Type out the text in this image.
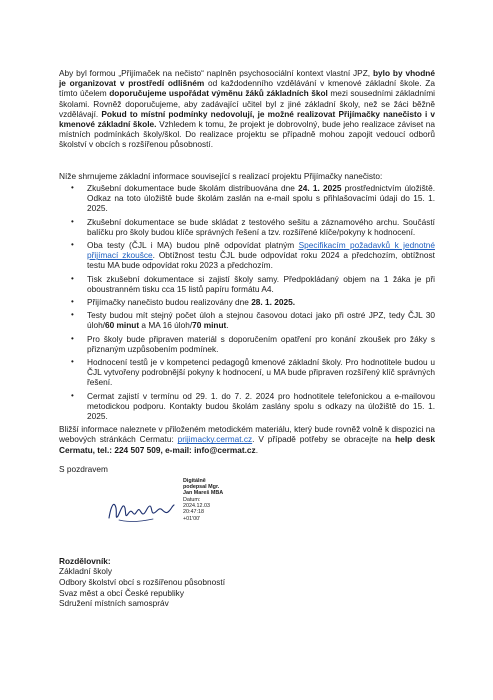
Aby byl formou „Přijímaček na nečisto“ naplněn psychosociální kontext vlastní JPZ, bylo by vhodné je organizovat v prostředí odlišném od každodenního vzdělávání v kmenové základní škole. Za tímto účelem doporučujeme uspořádat výměnu žáků základních škol mezi sousedními základními školami. Rovněž doporučujeme, aby zadávající učitel byl z jiné základní školy, než se žáci běžně vzdělávají. Pokud to místní podmínky nedovolují, je možné realizovat Přijímačky nanečisto i v kmenové základní škole. Vzhledem k tomu, že projekt je dobrovolný, bude jeho realizace záviset na místních podmínkách školy/škol. Do realizace projektu se případně mohou zapojit vedoucí odborů školství v obcích s rozšířenou působností.

Níže shrnujeme základní informace související s realizací projektu Přijímačky nanečisto:

• Zkušební dokumentace bude školám distribuována dne 24. 1. 2025 prostřednictvím úložiště. Odkaz na toto úložiště bude školám zaslán na e-mail spolu s přihlašovacími údaji do 15. 1. 2025.
• Zkušební dokumentace se bude skládat z testového sešitu a záznamového archu. Součástí balíčku pro školy budou klíče správných řešení a tzv. rozšířené klíče/pokyny k hodnocení.
• Oba testy (ČJL i MA) budou plně odpovídat platným Specifikacím požadavků k jednotné přijímací zkoušce. Obtížnost testu ČJL bude odpovídat roku 2024 a předchozím, obtížnost testu MA bude odpovídat roku 2023 a předchozím.
• Tisk zkušební dokumentace si zajistí školy samy. Předpokládaný objem na 1 žáka je při oboustranném tisku cca 15 listů papíru formátu A4.
• Přijímačky nanečisto budou realizovány dne 28. 1. 2025.
• Testy budou mít stejný počet úloh a stejnou časovou dotaci jako při ostré JPZ, tedy ČJL 30 úloh/60 minut a MA 16 úloh/70 minut.
• Pro školy bude připraven materiál s doporučením opatření pro konání zkoušek pro žáky s přiznaným uzpůsobením podmínek.
• Hodnocení testů je v kompetenci pedagogů kmenové základní školy. Pro hodnotitele budou u ČJL vytvořeny podrobnější pokyny k hodnocení, u MA bude připraven rozšířený klíč správných řešení.
• Cermat zajistí v termínu od 29. 1. do 7. 2. 2024 pro hodnotitele telefonickou a e-mailovou metodickou podporu. Kontakty budou školám zaslány spolu s odkazy na úložiště do 15. 1. 2025.

Bližší informace naleznete v přiloženém metodickém materiálu, který bude rovněž volně k dispozici na webových stránkách Cermatu: prijimacky.cermat.cz. V případě potřeby se obracejte na help desk Cermatu, tel.: 224 507 509, e-mail: info@cermat.cz.

S pozdravem
Digitálně
podepsal Mgr.
Jan Mareš MBA
Datum:
2024.12.03
20:47:18
+01'00'
Rozdělovník:
Základní školy
Odbory školství obcí s rozšířenou působností
Svaz měst a obcí České republiky
Sdružení místních samospráv
